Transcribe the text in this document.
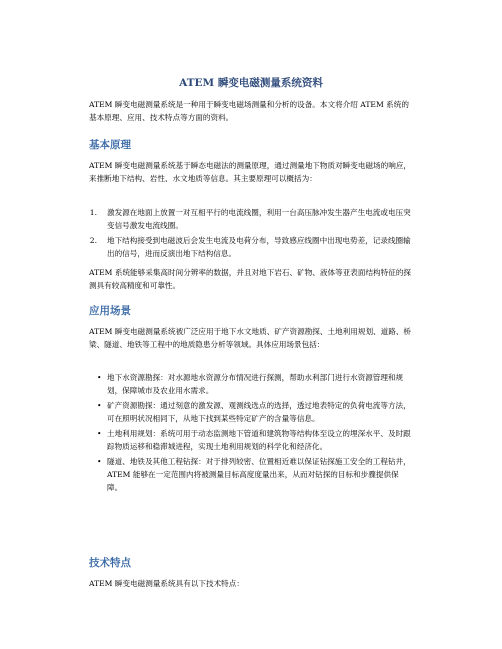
ATEM 瞬变电磁测量系统资料
ATEM 瞬变电磁测量系统是一种用于瞬变电磁场测量和分析的设备。本文将介绍 ATEM 系统的基本原理、应用、技术特点等方面的资料。
基本原理
ATEM 瞬变电磁测量系统基于瞬态电磁法的测量原理，通过测量地下物质对瞬变电磁场的响应，来推断地下结构、岩性、水文地质等信息。其主要原理可以概括为：
1.	激发源在地面上放置一对互相平行的电流线圈，利用一台高压脉冲发生器产生电流或电压突变信号激发电流线圈。
2.	地下结构接受到电磁波后会发生电流及电荷分布，导致感应线圈中出现电势差，记录线圈输出的信号，进而反演出地下结构信息。
ATEM 系统能够采集高时间分辨率的数据，并且对地下岩石、矿物、液体等亚表面结构特征的探测具有较高精度和可靠性。
应用场景
ATEM 瞬变电磁测量系统被广泛应用于地下水文地质、矿产资源勘探、土地利用规划、道路、桥梁、隧道、地铁等工程中的地质隐患分析等领域。具体应用场景包括：
• 地下水资源勘探：对水源地水资源分布情况进行探测，帮助水利部门进行水资源管理和规划，保障城市及农业用水需求。
• 矿产资源勘探：通过刻意的激发源、观测线选点的选择，透过地表特定的负荷电流等方法，可在照明状况相同下，从地下找到某些特定矿产的含量等信息。
• 土地利用规划：系统可用于动态监测地下管道和建筑物等结构体至设立的埋深水平、及时跟踪物质运移和稳滞城进程，实现土地利用规划的科学化和经济化。
• 隧道、地铁及其他工程钻探：对于排列较密、位置相近难以保证钻探施工安全的工程钻井，ATEM 能够在一定范围内将被测量目标高度度量出来，从而对钻探的目标和步骤提供保障。
技术特点
ATEM 瞬变电磁测量系统具有以下技术特点：
